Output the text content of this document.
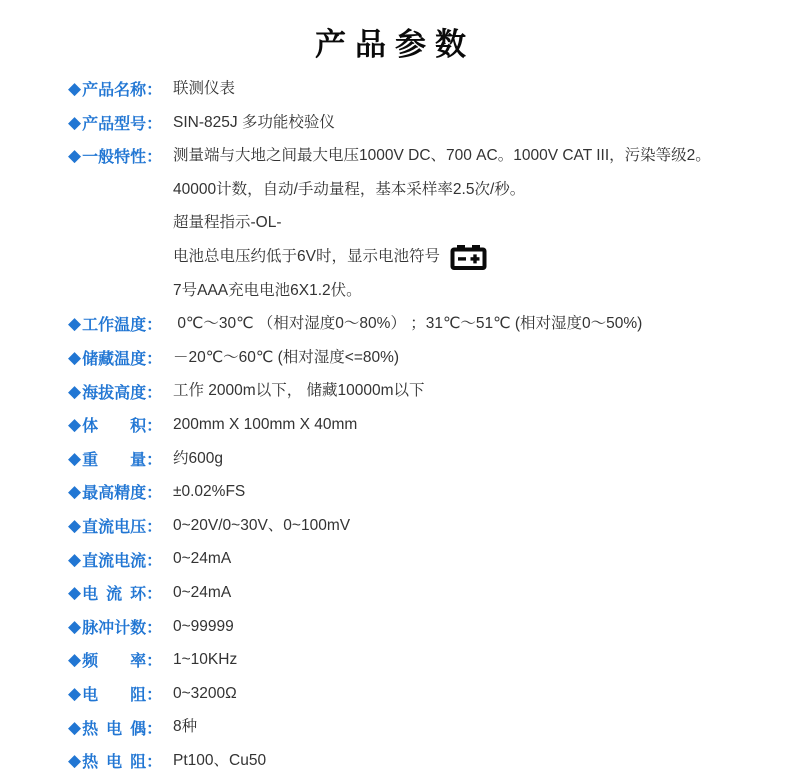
产品参数
◆ 产品名称 ： 联测仪表
◆ 产品型号 ： SIN-825J 多功能校验仪
◆ 一般特性 ： 测量端与大地之间最大电压1000V DC、700 AC。1000V CAT III，污染等级2。
40000计数，自动/手动量程，基本采样率2.5次/秒。
超量程指示-OL-
电池总电压约低于6V时，显示电池符号
7号AAA充电电池6X1.2伏。
◆ 工作温度 ： 0℃～30℃ （相对湿度0～80%） ；31℃～51℃ (相对湿度0～50%)
◆ 储藏温度 ： －20℃～60℃ (相对湿度<=80%)
◆ 海拔高度 ： 工作 2000m以下， 储藏10000m以下
◆ 体积 ： 200mm X 100mm X 40mm
◆ 重量 ： 约600g
◆ 最高精度 ： ±0.02%FS
◆ 直流电压 ： 0~20V/0~30V、0~100mV
◆ 直流电流 ： 0~24mA
◆ 电流环 ： 0~24mA
◆ 脉冲计数 ： 0~99999
◆ 频率 ： 1~10KHz
◆ 电阻 ： 0~3200Ω
◆ 热电偶 ： 8种
◆ 热电阻 ： Pt100、Cu50
